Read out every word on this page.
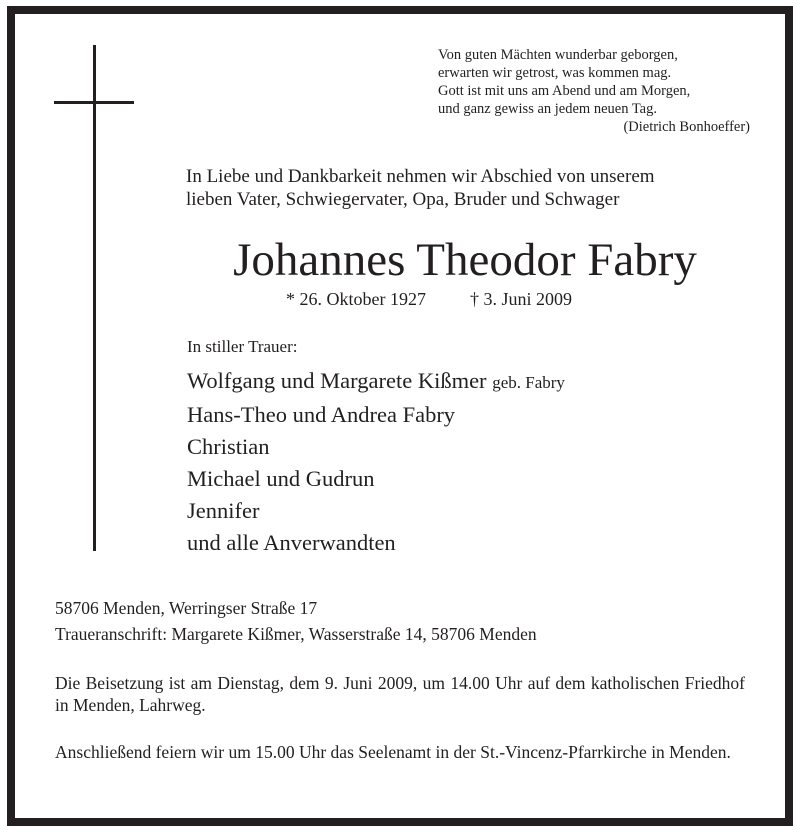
Von guten Mächten wunderbar geborgen,
erwarten wir getrost, was kommen mag.
Gott ist mit uns am Abend und am Morgen,
und ganz gewiss an jedem neuen Tag.
(Dietrich Bonhoeffer)
In Liebe und Dankbarkeit nehmen wir Abschied von unserem
lieben Vater, Schwiegervater, Opa, Bruder und Schwager
Johannes Theodor Fabry
* 26. Oktober 1927 † 3. Juni 2009
In stiller Trauer:
Wolfgang und Margarete Kißmer geb. Fabry
Hans-Theo und Andrea Fabry
Christian
Michael und Gudrun
Jennifer
und alle Anverwandten
58706 Menden, Werringser Straße 17
Traueranschrift: Margarete Kißmer, Wasserstraße 14, 58706 Menden
Die Beisetzung ist am Dienstag, dem 9. Juni 2009, um 14.00 Uhr auf dem katholischen Friedhof in Menden, Lahrweg.
Anschließend feiern wir um 15.00 Uhr das Seelenamt in der St.-Vincenz-Pfarrkirche in Menden.
